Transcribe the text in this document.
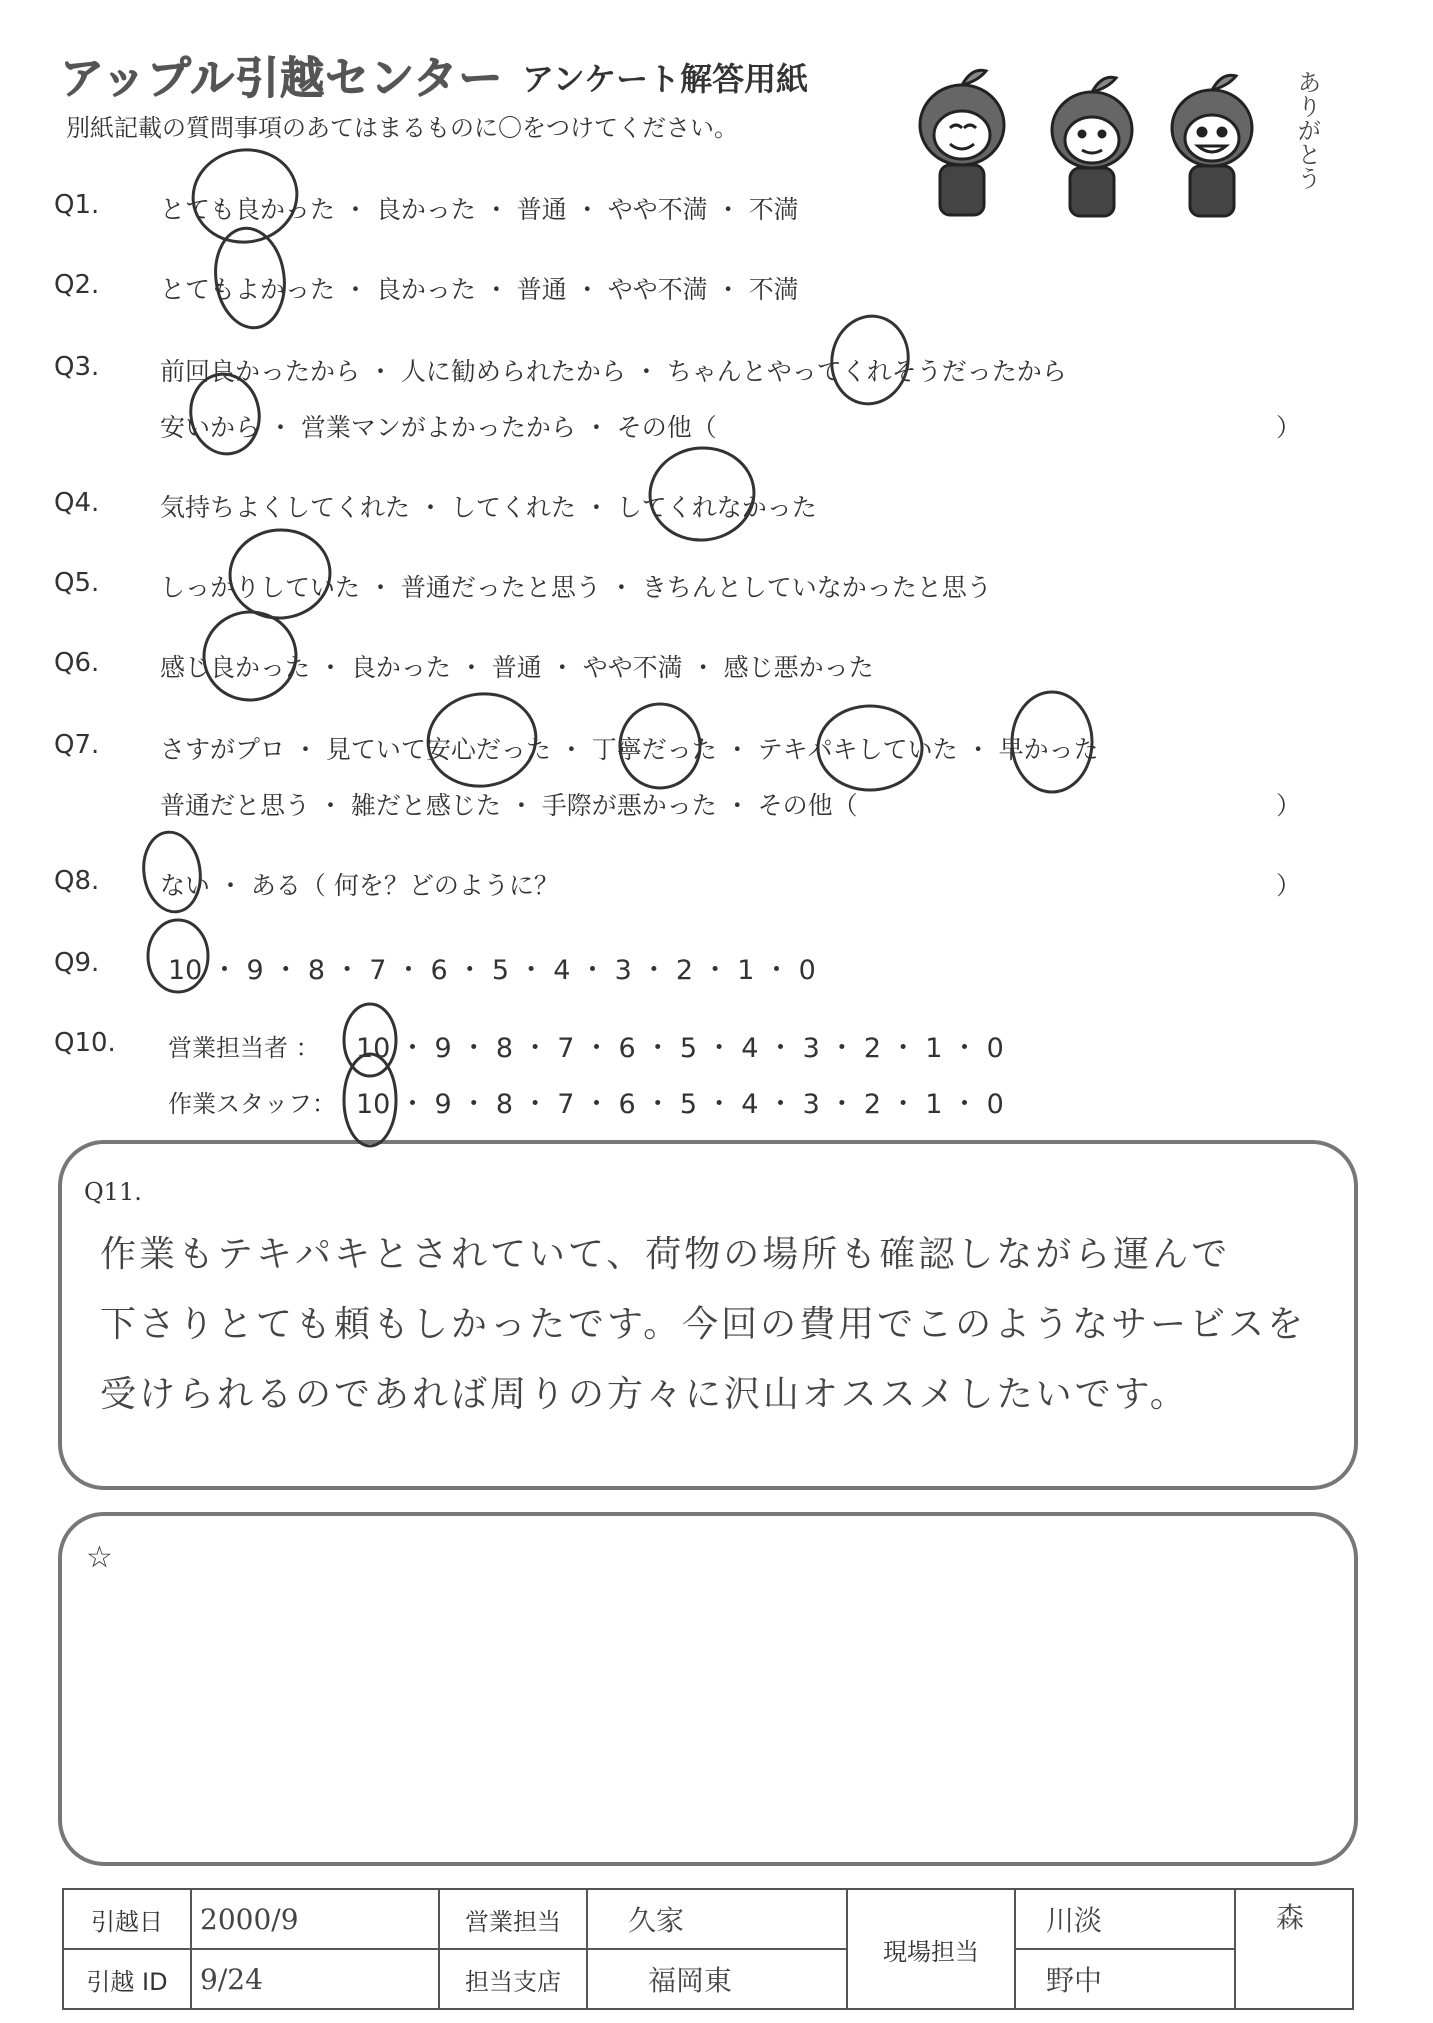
アップル引越センター アンケート解答用紙
別紙記載の質問事項のあてはまるものに〇をつけてください。	ありがとう
Q1. とても良かった ・ 良かった ・ 普通 ・ やや不満 ・ 不満
Q2. とてもよかった ・ 良かった ・ 普通 ・ やや不満 ・ 不満
Q3. 前回良かったから ・ 人に勧められたから ・ ちゃんとやってくれそうだったから
安いから ・ 営業マンがよかったから ・ その他（	）
Q4. 気持ちよくしてくれた ・ してくれた ・ してくれなかった
Q5. しっかりしていた ・ 普通だったと思う ・ きちんとしていなかったと思う
Q6. 感じ良かった ・ 良かった ・ 普通 ・ やや不満 ・ 感じ悪かった
Q7. さすがプロ ・ 見ていて安心だった ・ 丁寧だった ・ テキパキしていた ・ 早かった
普通だと思う ・ 雑だと感じた ・ 手際が悪かった ・ その他（	）
Q8. ない ・ ある（ 何を？どのように？	）
Q9.	10 ・ 9 ・ 8 ・ 7 ・ 6 ・ 5 ・ 4 ・ 3 ・ 2 ・ 1 ・ 0
Q10. 営業担当者 ： 10 ・ 9 ・ 8 ・ 7 ・ 6 ・ 5 ・ 4 ・ 3 ・ 2 ・ 1 ・ 0
作業スタッフ： 10 ・ 9 ・ 8 ・ 7 ・ 6 ・ 5 ・ 4 ・ 3 ・ 2 ・ 1 ・ 0
Q11.
作業もテキパキとされていて、荷物の場所も確認しながら運んで
下さりとても頼もしかったです。今回の費用でこのようなサービスを
受けられるのであれば周りの方々に沢山オススメしたいです。
☆
引越日	2000/9	営業担当	久家	現場担当	川淡	森
引越 ID	9/24	担当支店	福岡東		野中	
